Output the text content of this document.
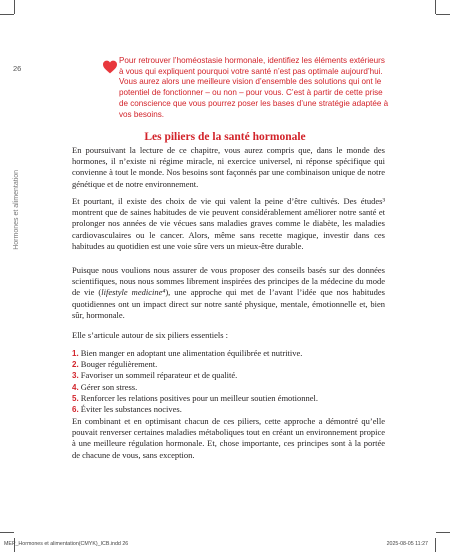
26
Hormones et alimentation
Pour retrouver l’homéostasie hormonale, identifiez les éléments extérieurs à vous qui expliquent pourquoi votre santé n’est pas optimale aujourd’hui. Vous aurez alors une meilleure vision d’ensemble des solutions qui ont le potentiel de fonctionner – ou non – pour vous. C’est à partir de cette prise de conscience que vous pourrez poser les bases d’une stratégie adaptée à vos besoins.
Les piliers de la santé hormonale
En poursuivant la lecture de ce chapitre, vous aurez compris que, dans le monde des hormones, il n’existe ni régime miracle, ni exercice universel, ni réponse spécifique qui convienne à tout le monde. Nos besoins sont façonnés par une combinaison unique de notre génétique et de notre environnement.
Et pourtant, il existe des choix de vie qui valent la peine d’être cultivés. Des études³ montrent que de saines habitudes de vie peuvent considérablement améliorer notre santé et prolonger nos années de vie vécues sans maladies graves comme le diabète, les maladies cardiovasculaires ou le cancer. Alors, même sans recette magique, investir dans ces habitudes au quotidien est une voie sûre vers un mieux-être durable.
Puisque nous voulions nous assurer de vous proposer des conseils basés sur des données scientifiques, nous nous sommes librement inspirées des principes de la médecine du mode de vie (lifestyle medicine⁴), une approche qui met de l’avant l’idée que nos habitudes quotidiennes ont un impact direct sur notre santé physique, mentale, émotionnelle et, bien sûr, hormonale.
Elle s’articule autour de six piliers essentiels :
1. Bien manger en adoptant une alimentation équilibrée et nutritive.
2. Bouger régulièrement.
3. Favoriser un sommeil réparateur et de qualité.
4. Gérer son stress.
5. Renforcer les relations positives pour un meilleur soutien émotionnel.
6. Éviter les substances nocives.
En combinant et en optimisant chacun de ces piliers, cette approche a démontré qu’elle pouvait renverser certaines maladies métaboliques tout en créant un environnement propice à une meilleure régulation hormonale. Et, chose importante, ces principes sont à la portée de chacune de vous, sans exception.
MEP_Hormones et alimentation(CMYK)_ICB.indd 26	2025-08-05 11:27
